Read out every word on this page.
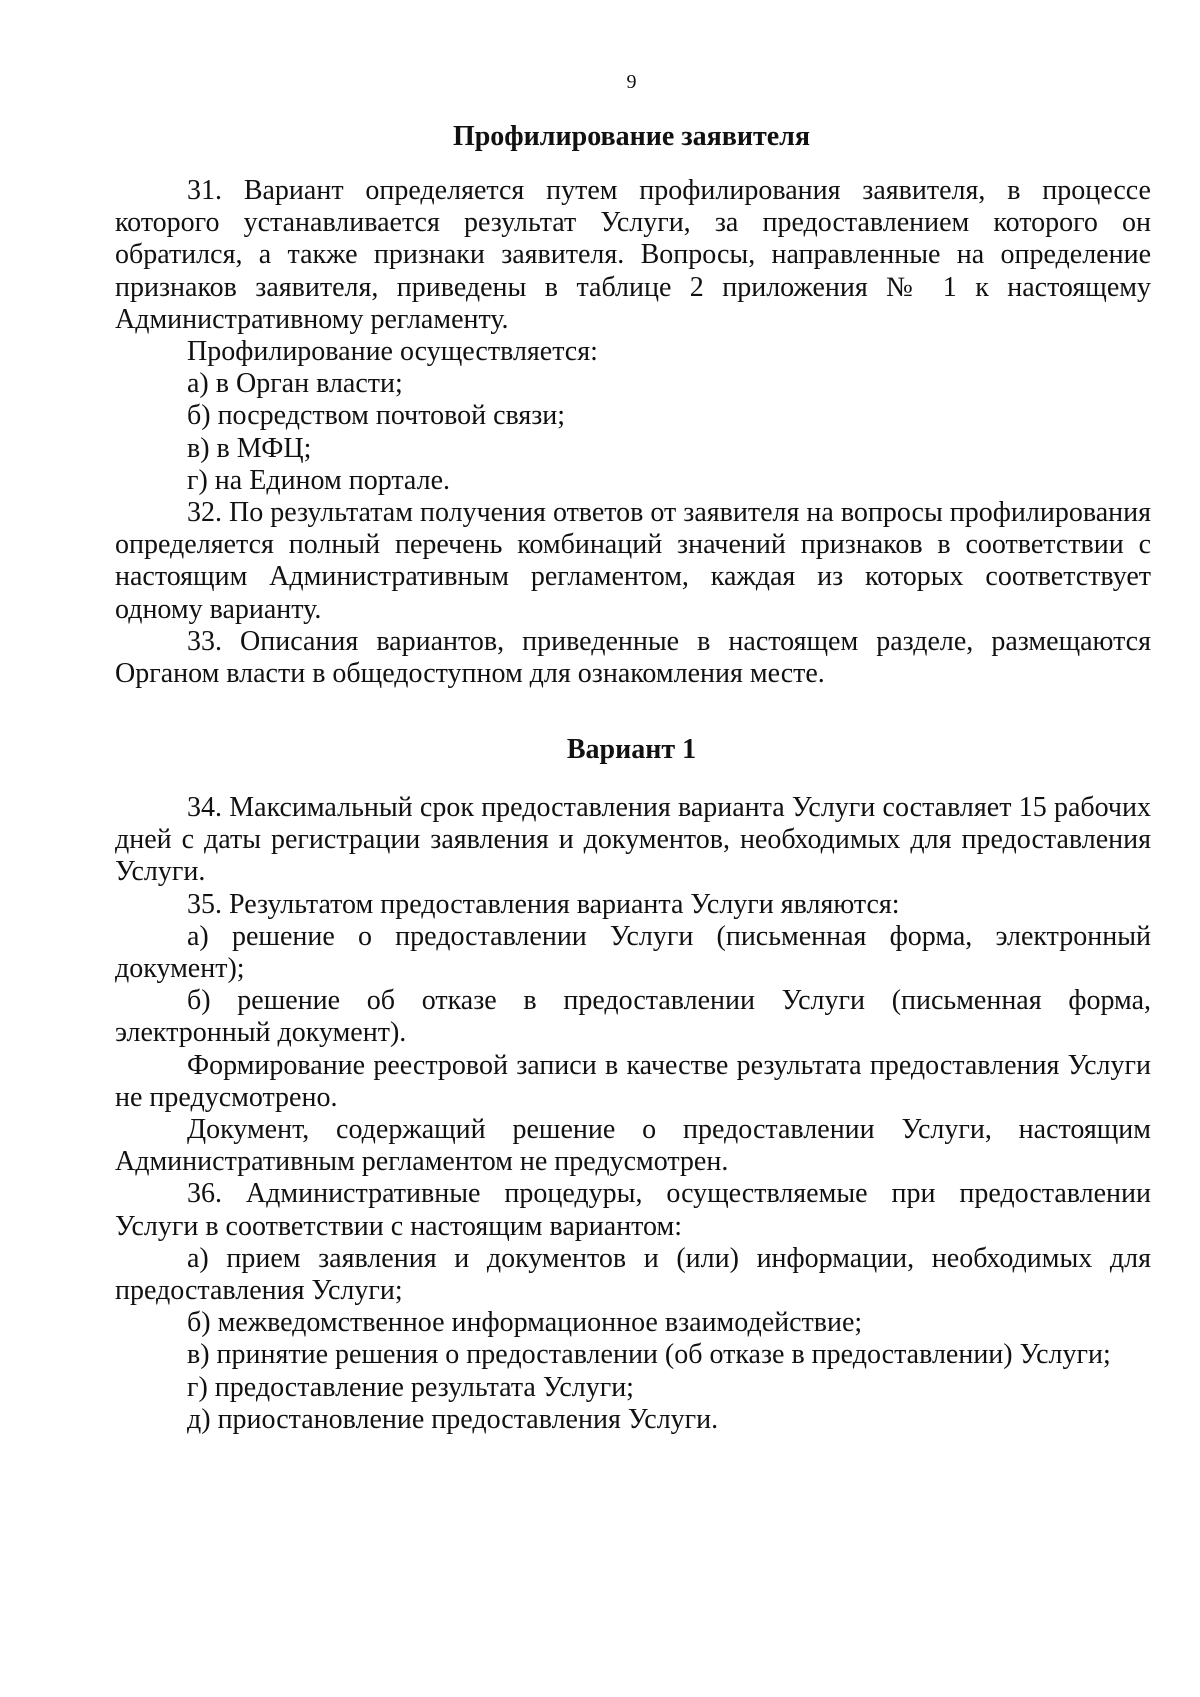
9
Профилирование заявителя

31. Вариант определяется путем профилирования заявителя, в процессе которого устанавливается результат Услуги, за предоставлением которого он обратился, а также признаки заявителя. Вопросы, направленные на определение признаков заявителя, приведены в таблице 2 приложения № 1 к настоящему Административному регламенту.

Профилирование осуществляется:

а) в Орган власти;

б) посредством почтовой связи;

в) в МФЦ;

г) на Едином портале.

32. По результатам получения ответов от заявителя на вопросы профилирования определяется полный перечень комбинаций значений признаков в соответствии с настоящим Административным регламентом, каждая из которых соответствует одному варианту.

33. Описания вариантов, приведенные в настоящем разделе, размещаются Органом власти в общедоступном для ознакомления месте.

Вариант 1

34. Максимальный срок предоставления варианта Услуги составляет 15 рабочих дней с даты регистрации заявления и документов, необходимых для предоставления Услуги.

35. Результатом предоставления варианта Услуги являются:

а) решение о предоставлении Услуги (письменная форма, электронный документ);

б) решение об отказе в предоставлении Услуги (письменная форма, электронный документ).

Формирование реестровой записи в качестве результата предоставления Услуги не предусмотрено.

Документ, содержащий решение о предоставлении Услуги, настоящим Административным регламентом не предусмотрен.

36. Административные процедуры, осуществляемые при предоставлении Услуги в соответствии с настоящим вариантом:

а) прием заявления и документов и (или) информации, необходимых для предоставления Услуги;

б) межведомственное информационное взаимодействие;

в) принятие решения о предоставлении (об отказе в предоставлении) Услуги;

г) предоставление результата Услуги;

д) приостановление предоставления Услуги.
